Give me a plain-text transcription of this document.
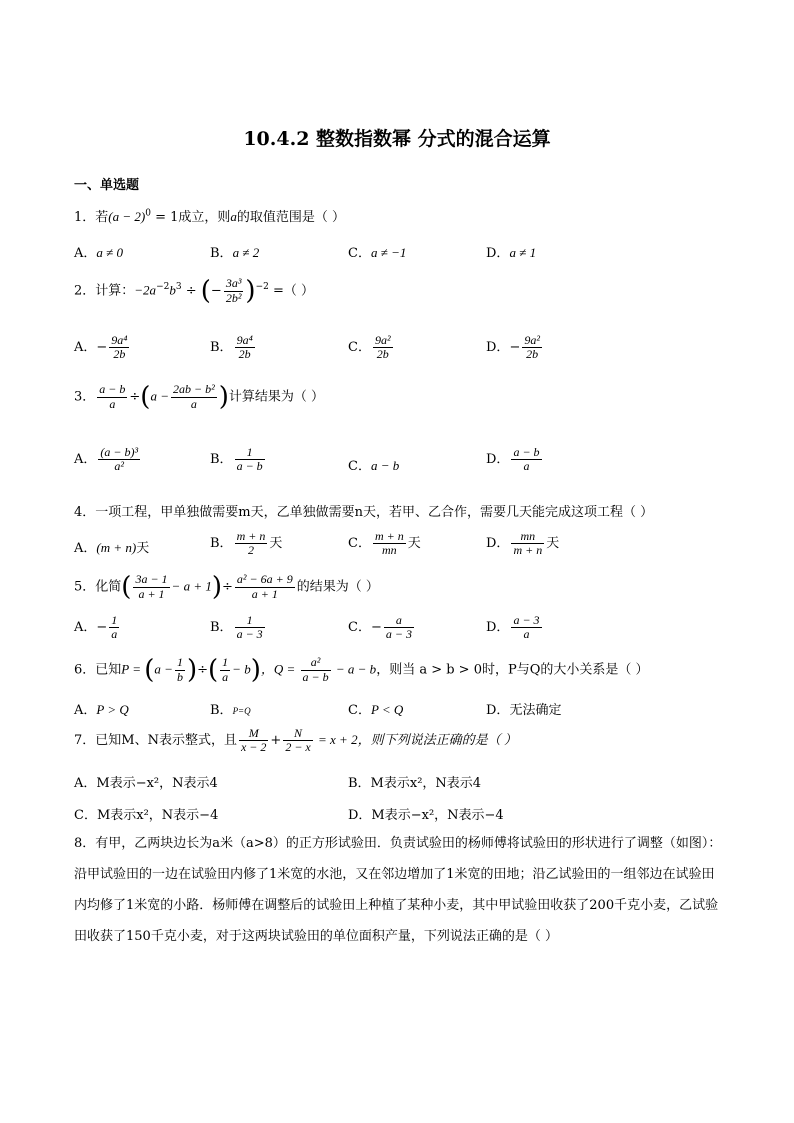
10.4.2 整数指数幂 分式的混合运算
一、单选题
1．若$(a - 2)^0 = 1$成立，则a的取值范围是（ ）
A．a ≠ 0	B．a ≠ 2	C．a ≠ −1	D．a ≠ 1
2．计算：$-2a^{-2}b^3$ ÷ (− $\frac{\text{3a³}}{\text{2b²}} )^{-2}$ =（ ）
A．− $\frac{\text{9a⁴}}{2b}$	B． $\frac{\text{9a⁴}}{2b}$	C． $\frac{\text{9a²}}{2b}$	D．− $\frac{\text{9a²}}{2b}$
3． $\frac{a - b}{a} \div(a - \frac{\text{2ab − b²}}{a}$ )计算结果为（ ）
A． $\frac{\text{(a − b)³}}{\text{a²}}$	B． $\frac{1}{a - b}$	C．a − b	D． $\frac{a - b}{a}$
4．一项工程，甲单独做需要m天，乙单独做需要n天，若甲、乙合作，需要几天能完成这项工程（ ）
A．(m + n)天	B． $\frac{m + n}{2}$ 天	C． $\frac{m + n}{mn}$ 天	D． $\frac{mn}{m + n}$ 天
5．化简( $\frac{3a - 1}{a + 1} - a + 1)\div \frac{\text{a² − 6a + 9}}{a + 1}$ 的结果为（ ）
A．− $\frac{1}{a}$	B． $\frac{1}{a - 3}$	C．− $\frac{a}{a - 3}$	D． $\frac{a - 3}{a}$
6．已知$P = (a - \frac{1}{b}$ )÷( $\frac{1}{a} - b$)，$Q = \frac{\text{a²}}{a - b} - a - b$，则当 a > b > 0时，P与Q的大小关系是（ ）
A．P > Q	B．P=Q	C．P < Q	D．无法确定
7．已知M、N表示整式，且 $\frac{M}{x - 2} + \frac{N}{2 - x} = x + 2$，则下列说法正确的是（ ）
A．M表示−x²，N表示4	B．M表示x²，N表示4
C．M表示x²，N表示−4	D．M表示−x²，N表示−4
8．有甲，乙两块边长为a米（a>8）的正方形试验田．负责试验田的杨师傅将试验田的形状进行了调整（如图）：沿甲试验田的一边在试验田内修了1米宽的水池，又在邻边增加了1米宽的田地；沿乙试验田的一组邻边在试验田内均修了1米宽的小路．杨师傅在调整后的试验田上种植了某种小麦，其中甲试验田收获了200千克小麦，乙试验田收获了150千克小麦，对于这两块试验田的单位面积产量，下列说法正确的是（ ）
